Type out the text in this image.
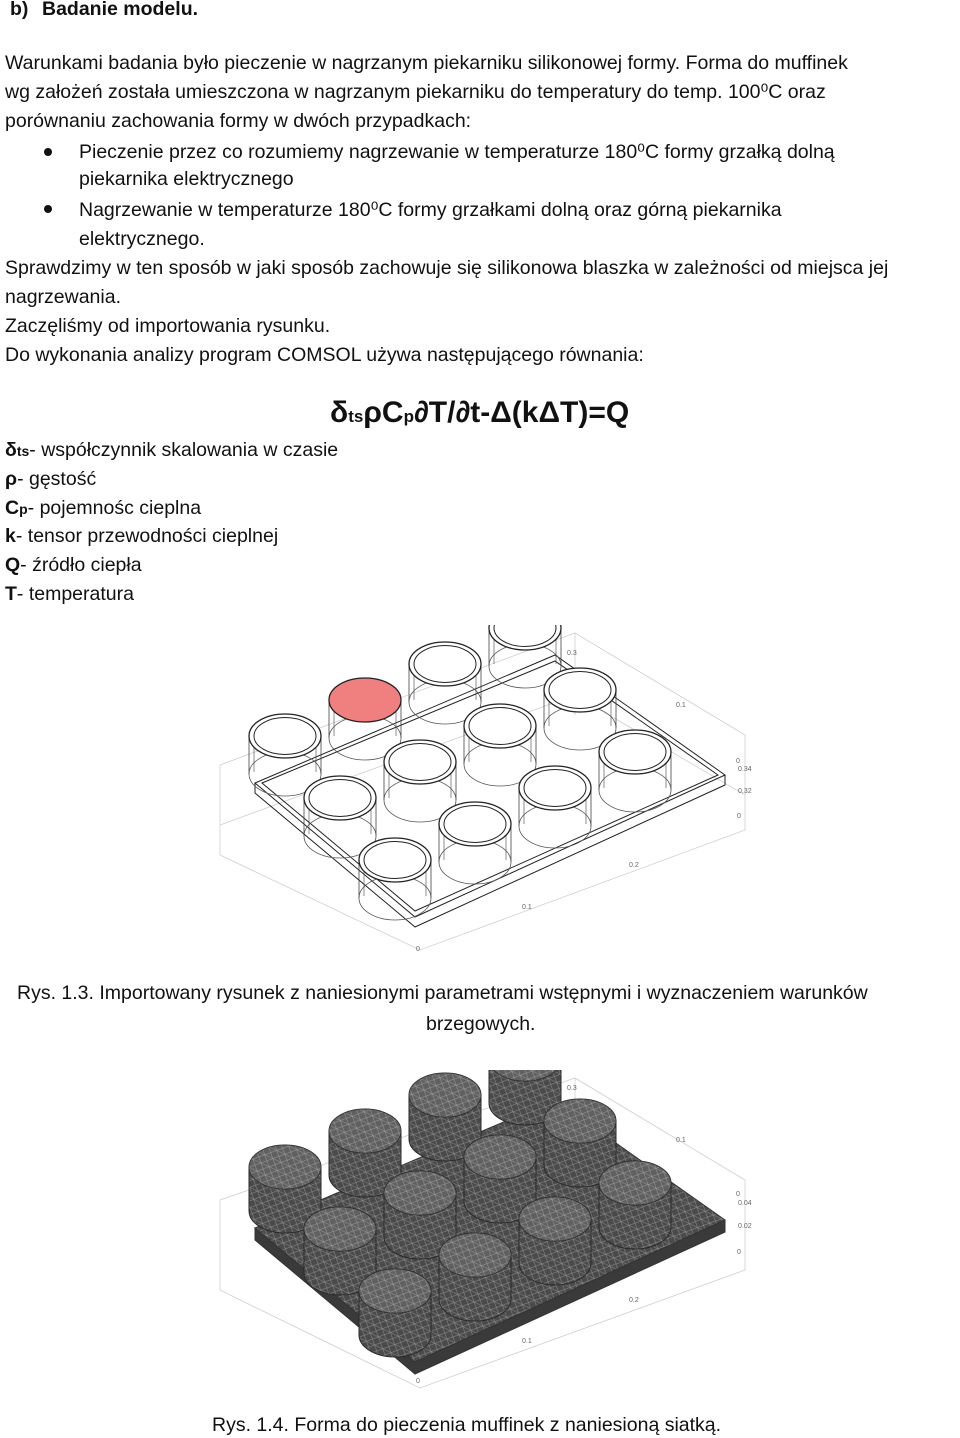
b) Badanie modelu.
Warunkami badania było pieczenie w nagrzanym piekarniku silikonowej formy. Forma do muffinek
wg założeń została umieszczona w nagrzanym piekarniku do temperatury do temp. 100⁰C oraz
porównaniu zachowania formy w dwóch przypadkach:
Pieczenie przez co rozumiemy nagrzewanie w temperaturze 180⁰C formy grzałką dolną
piekarnika elektrycznego
Nagrzewanie w temperaturze 180⁰C formy grzałkami dolną oraz górną piekarnika
elektrycznego.
Sprawdzimy w ten sposób w jaki sposób zachowuje się silikonowa blaszka w zależności od miejsca jej
nagrzewania.
Zaczęliśmy od importowania rysunku.
Do wykonania analizy program COMSOL używa następującego równania:
δtsρCp∂T/∂t-Δ(kΔT)=Q
δts- współczynnik skalowania w czasie
ρ- gęstość
Cp- pojemnośc cieplna
k- tensor przewodności cieplnej
Q- źródło ciepła
T- temperatura
0.3
0.1
0
0.34
0.32
0
0.2
0.1
0
Rys. 1.3. Importowany rysunek z naniesionymi parametrami wstępnymi i wyznaczeniem warunków
brzegowych.
0.3
0.1
0
0.04
0.02
0
0.2
0.1
0
Rys. 1.4. Forma do pieczenia muffinek z naniesioną siatką.
